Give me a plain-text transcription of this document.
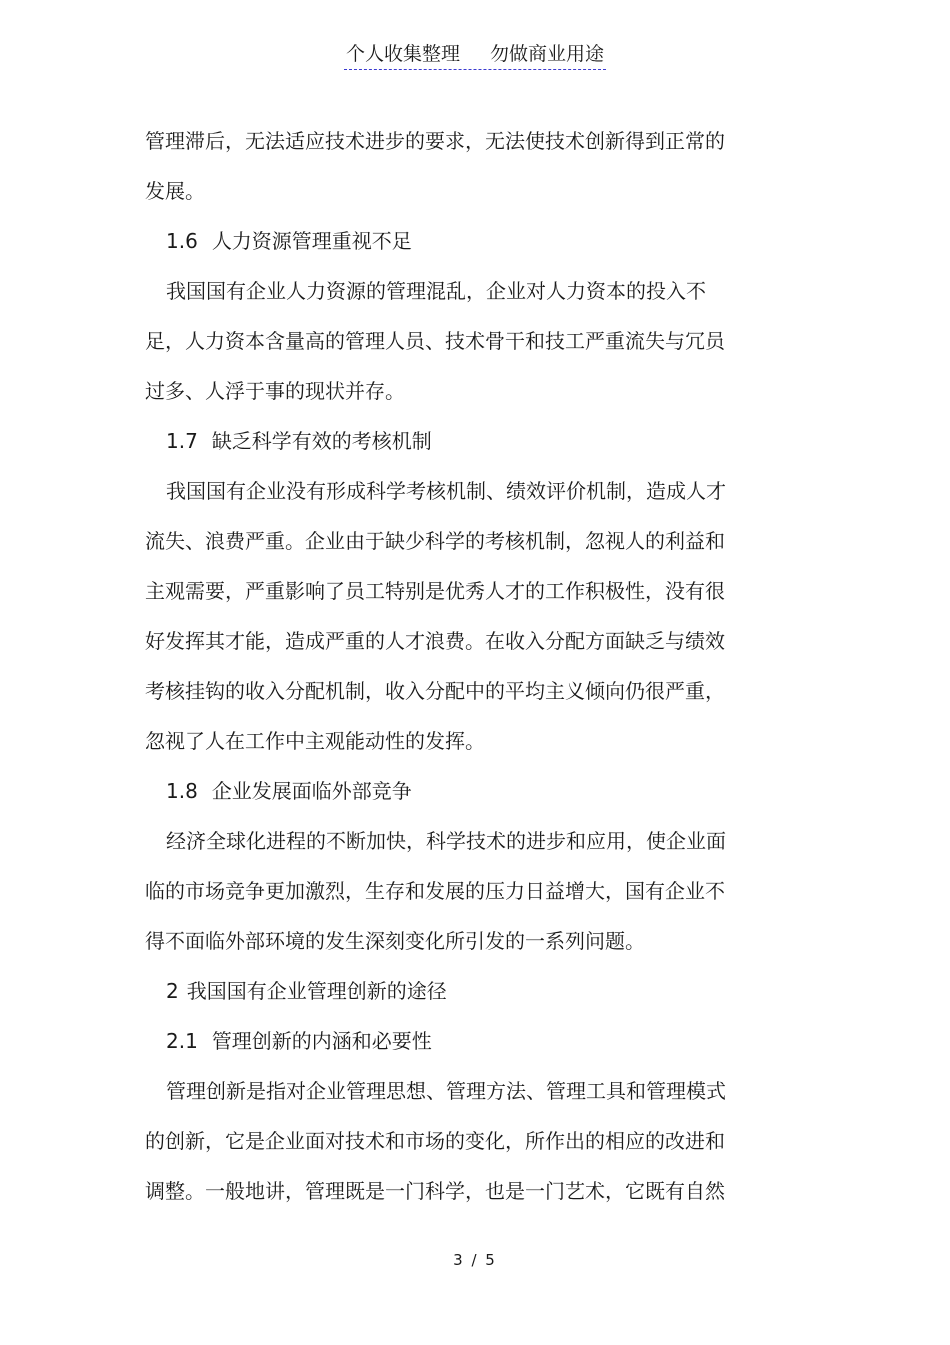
个人收集整理 勿做商业用途
管理滞后，无法适应技术进步的要求，无法使技术创新得到正常的
发展。
1.6 人力资源管理重视不足
我国国有企业人力资源的管理混乱，企业对人力资本的投入不
足，人力资本含量高的管理人员、技术骨干和技工严重流失与冗员
过多、人浮于事的现状并存。
1.7 缺乏科学有效的考核机制
我国国有企业没有形成科学考核机制、绩效评价机制，造成人才
流失、浪费严重。企业由于缺少科学的考核机制，忽视人的利益和
主观需要，严重影响了员工特别是优秀人才的工作积极性，没有很
好发挥其才能，造成严重的人才浪费。在收入分配方面缺乏与绩效
考核挂钩的收入分配机制，收入分配中的平均主义倾向仍很严重，
忽视了人在工作中主观能动性的发挥。
1.8 企业发展面临外部竞争
经济全球化进程的不断加快，科学技术的进步和应用，使企业面
临的市场竞争更加激烈，生存和发展的压力日益增大，国有企业不
得不面临外部环境的发生深刻变化所引发的一系列问题。
2 我国国有企业管理创新的途径
2.1 管理创新的内涵和必要性
管理创新是指对企业管理思想、管理方法、管理工具和管理模式
的创新，它是企业面对技术和市场的变化，所作出的相应的改进和
调整。一般地讲，管理既是一门科学，也是一门艺术，它既有自然
3 / 5
